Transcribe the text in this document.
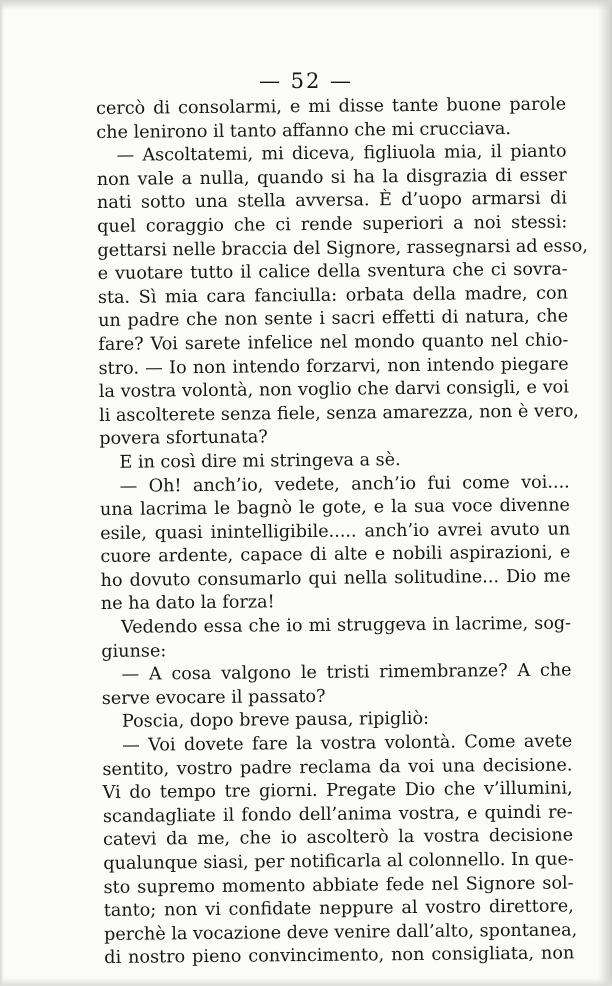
— 52 —
cercò di consolarmi, e mi disse tante buone parole
che lenirono il tanto affanno che mi crucciava.
— Ascoltatemi, mi diceva, figliuola mia, il pianto
non vale a nulla, quando si ha la disgrazia di esser
nati sotto una stella avversa. È d’uopo armarsi di
quel coraggio che ci rende superiori a noi stessi:
gettarsi nelle braccia del Signore, rassegnarsi ad esso,
e vuotare tutto il calice della sventura che ci sovra-
sta. Sì mia cara fanciulla: orbata della madre, con
un padre che non sente i sacri effetti di natura, che
fare? Voi sarete infelice nel mondo quanto nel chio-
stro. — Io non intendo forzarvi, non intendo piegare
la vostra volontà, non voglio che darvi consigli, e voi
li ascolterete senza fiele, senza amarezza, non è vero,
povera sfortunata?
E in così dire mi stringeva a sè.
— Oh! anch’io, vedete, anch’io fui come voi....
una lacrima le bagnò le gote, e la sua voce divenne
esile, quasi inintelligibile..... anch’io avrei avuto un
cuore ardente, capace di alte e nobili aspirazioni, e
ho dovuto consumarlo qui nella solitudine... Dio me
ne ha dato la forza!
Vedendo essa che io mi struggeva in lacrime, sog-
giunse:
— A cosa valgono le tristi rimembranze? A che
serve evocare il passato?
Poscia, dopo breve pausa, ripigliò:
— Voi dovete fare la vostra volontà. Come avete
sentito, vostro padre reclama da voi una decisione.
Vi do tempo tre giorni. Pregate Dio che v’illumini,
scandagliate il fondo dell’anima vostra, e quindi re-
catevi da me, che io ascolterò la vostra decisione
qualunque siasi, per notificarla al colonnello. In que-
sto supremo momento abbiate fede nel Signore sol-
tanto; non vi confidate neppure al vostro direttore,
perchè la vocazione deve venire dall’alto, spontanea,
di nostro pieno convincimento, non consigliata, non
